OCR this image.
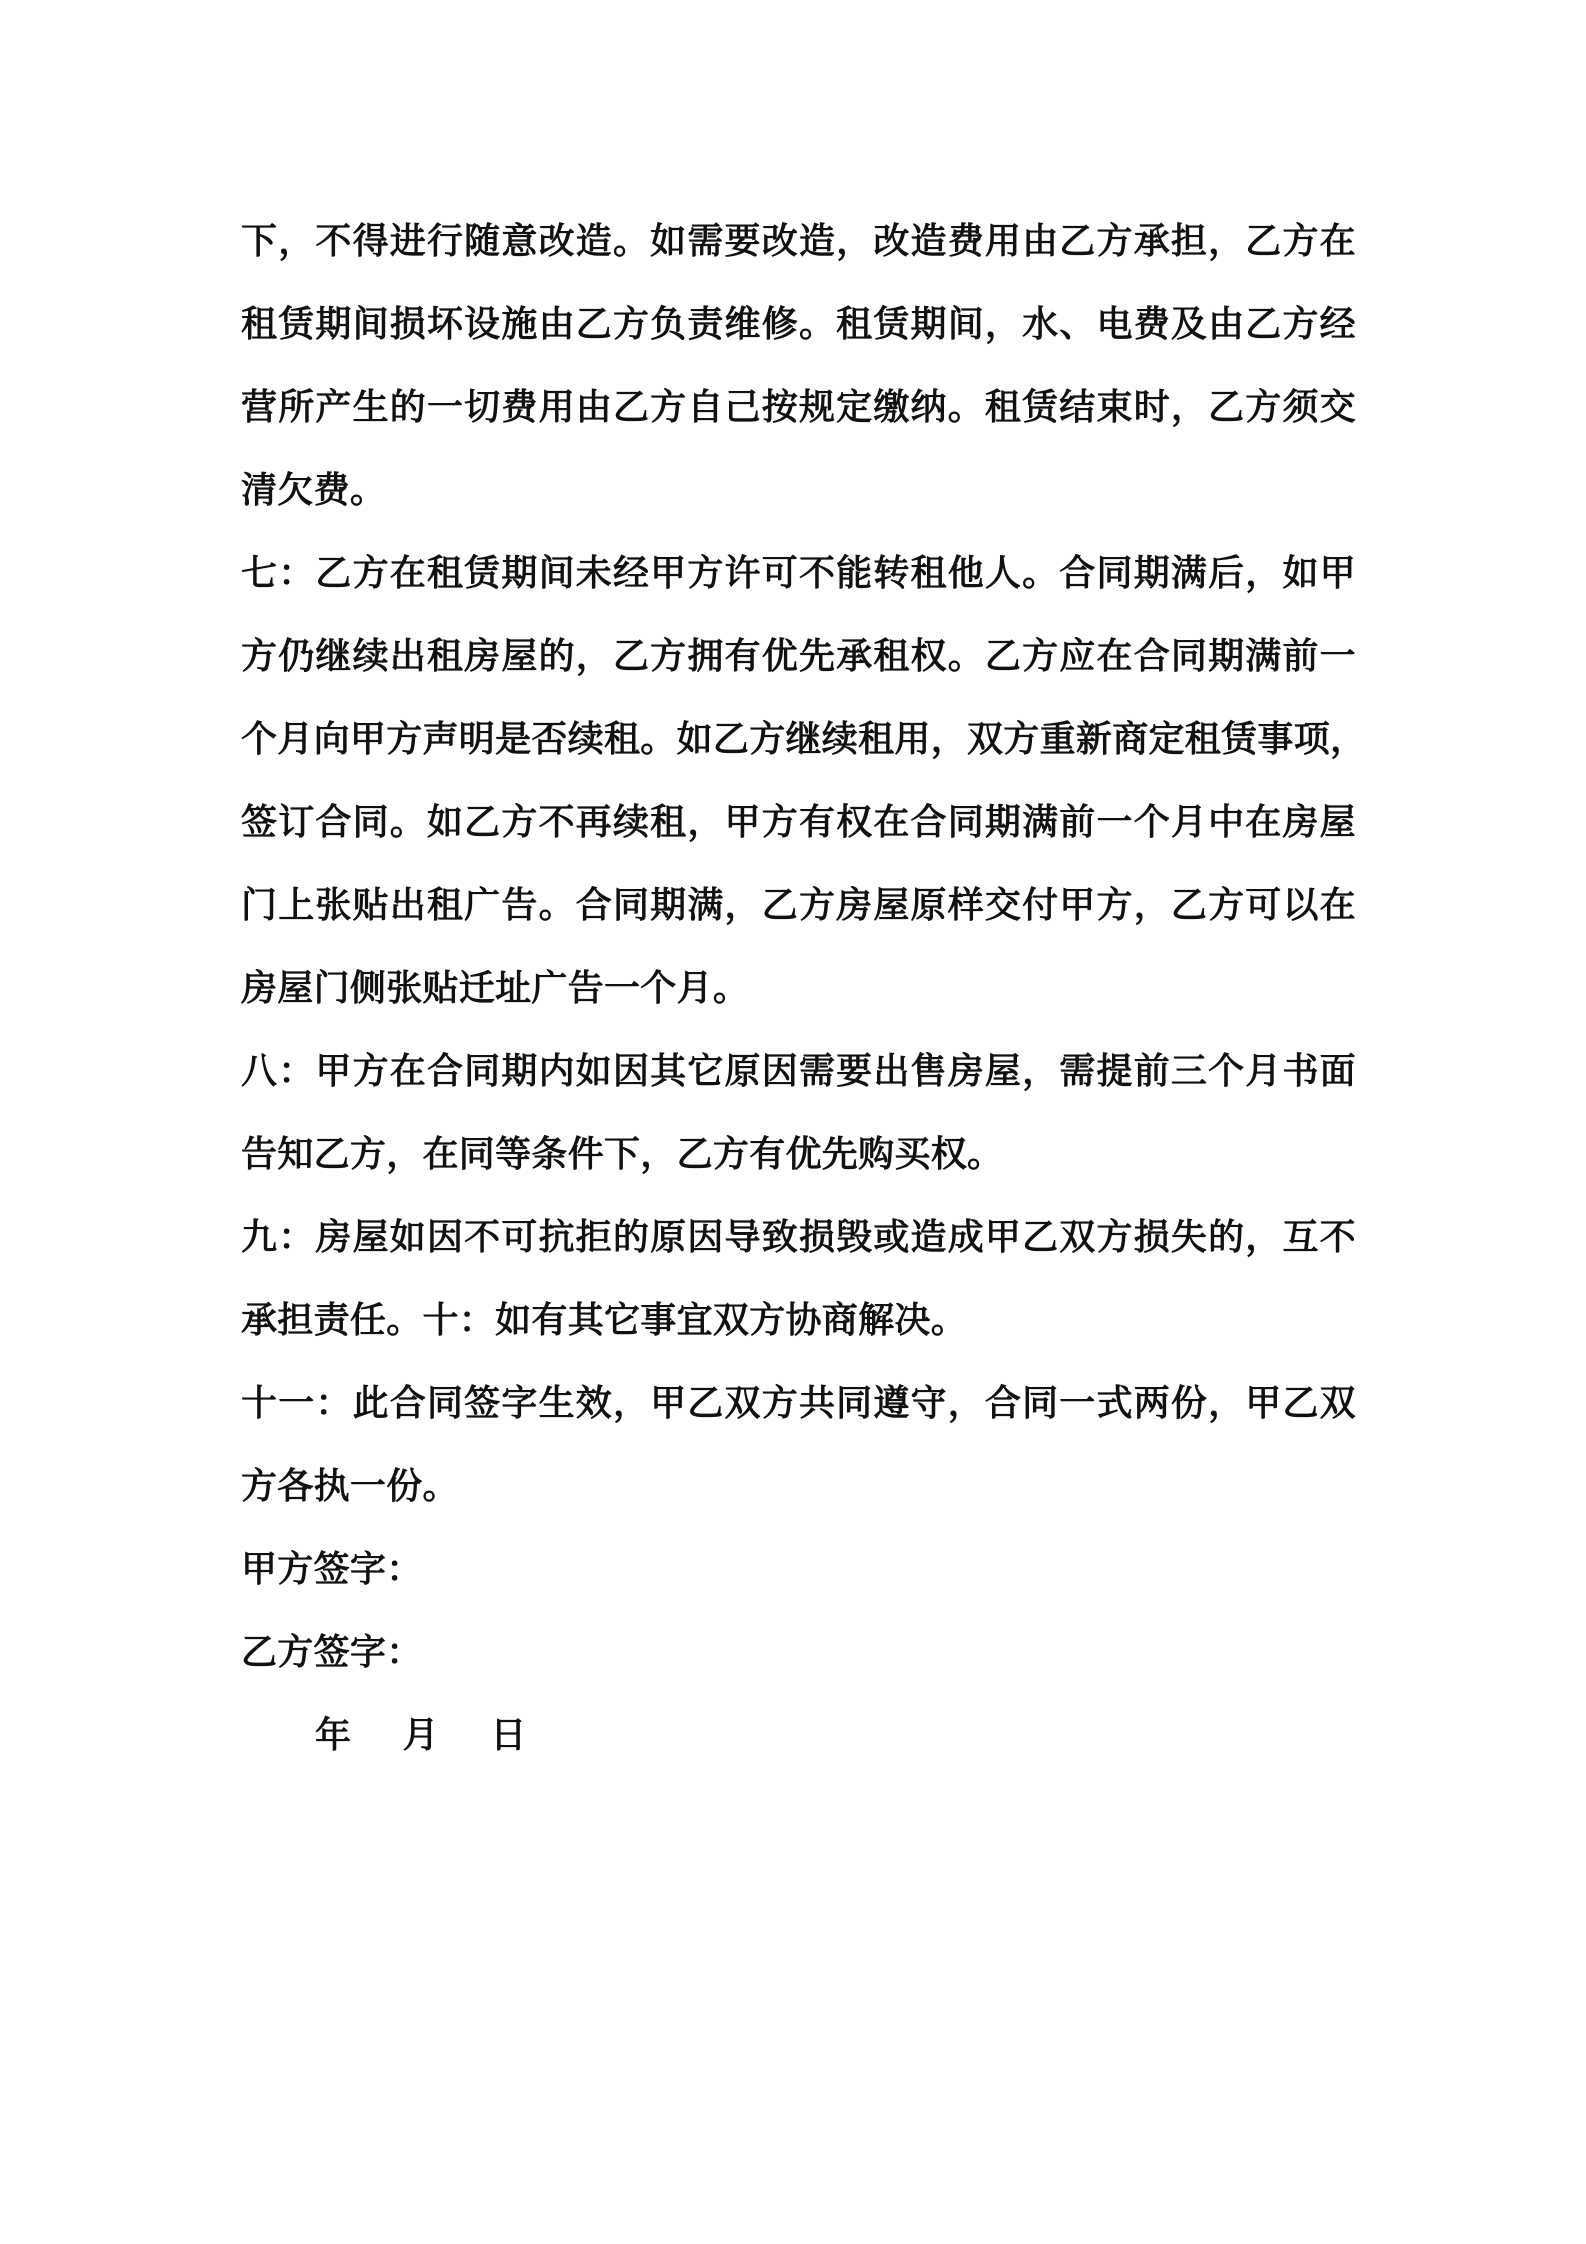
下，不得进行随意改造。如需要改造，改造费用由乙方承担，乙方在
租赁期间损坏设施由乙方负责维修。租赁期间，水、电费及由乙方经
营所产生的一切费用由乙方自己按规定缴纳。租赁结束时，乙方须交
清欠费。
七：乙方在租赁期间未经甲方许可不能转租他人。合同期满后，如甲
方仍继续出租房屋的，乙方拥有优先承租权。乙方应在合同期满前一
个月向甲方声明是否续租。如乙方继续租用，双方重新商定租赁事项，
签订合同。如乙方不再续租，甲方有权在合同期满前一个月中在房屋
门上张贴出租广告。合同期满，乙方房屋原样交付甲方，乙方可以在
房屋门侧张贴迁址广告一个月。
八：甲方在合同期内如因其它原因需要出售房屋，需提前三个月书面
告知乙方，在同等条件下，乙方有优先购买权。
九：房屋如因不可抗拒的原因导致损毁或造成甲乙双方损失的，互不
承担责任。十：如有其它事宜双方协商解决。
十一：此合同签字生效，甲乙双方共同遵守，合同一式两份，甲乙双
方各执一份。
甲方签字：
乙方签字：
年 月 日
